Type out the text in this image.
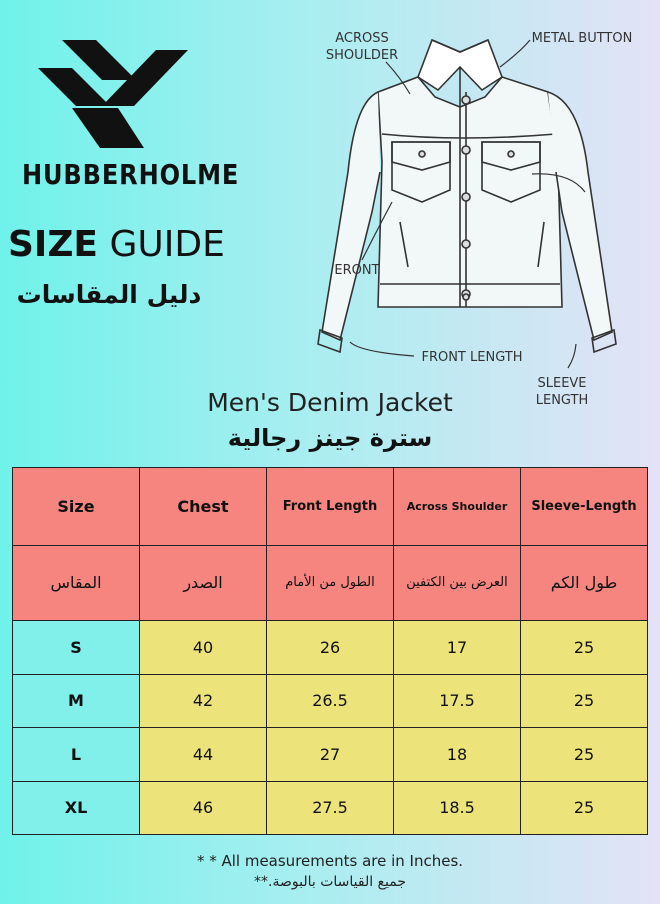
HUBBERHOLME
SIZE GUIDE
دليل المقاسات
ACROSS
SHOULDER
METAL BUTTON
ERONT
FRONT LENGTH
SLEEVE
LENGTH
Men's Denim Jacket
سترة جينز رجالية
Size	Chest	Front Length	Across Shoulder	Sleeve-Length
المقاس	الصدر	الطول من الأمام	العرض بين الكتفين	طول الكم
S	40	26	17	25
M	42	26.5	17.5	25
L	44	27	18	25
XL	46	27.5	18.5	25
* * All measurements are in Inches.
جميع القياسات بالبوصة.**
